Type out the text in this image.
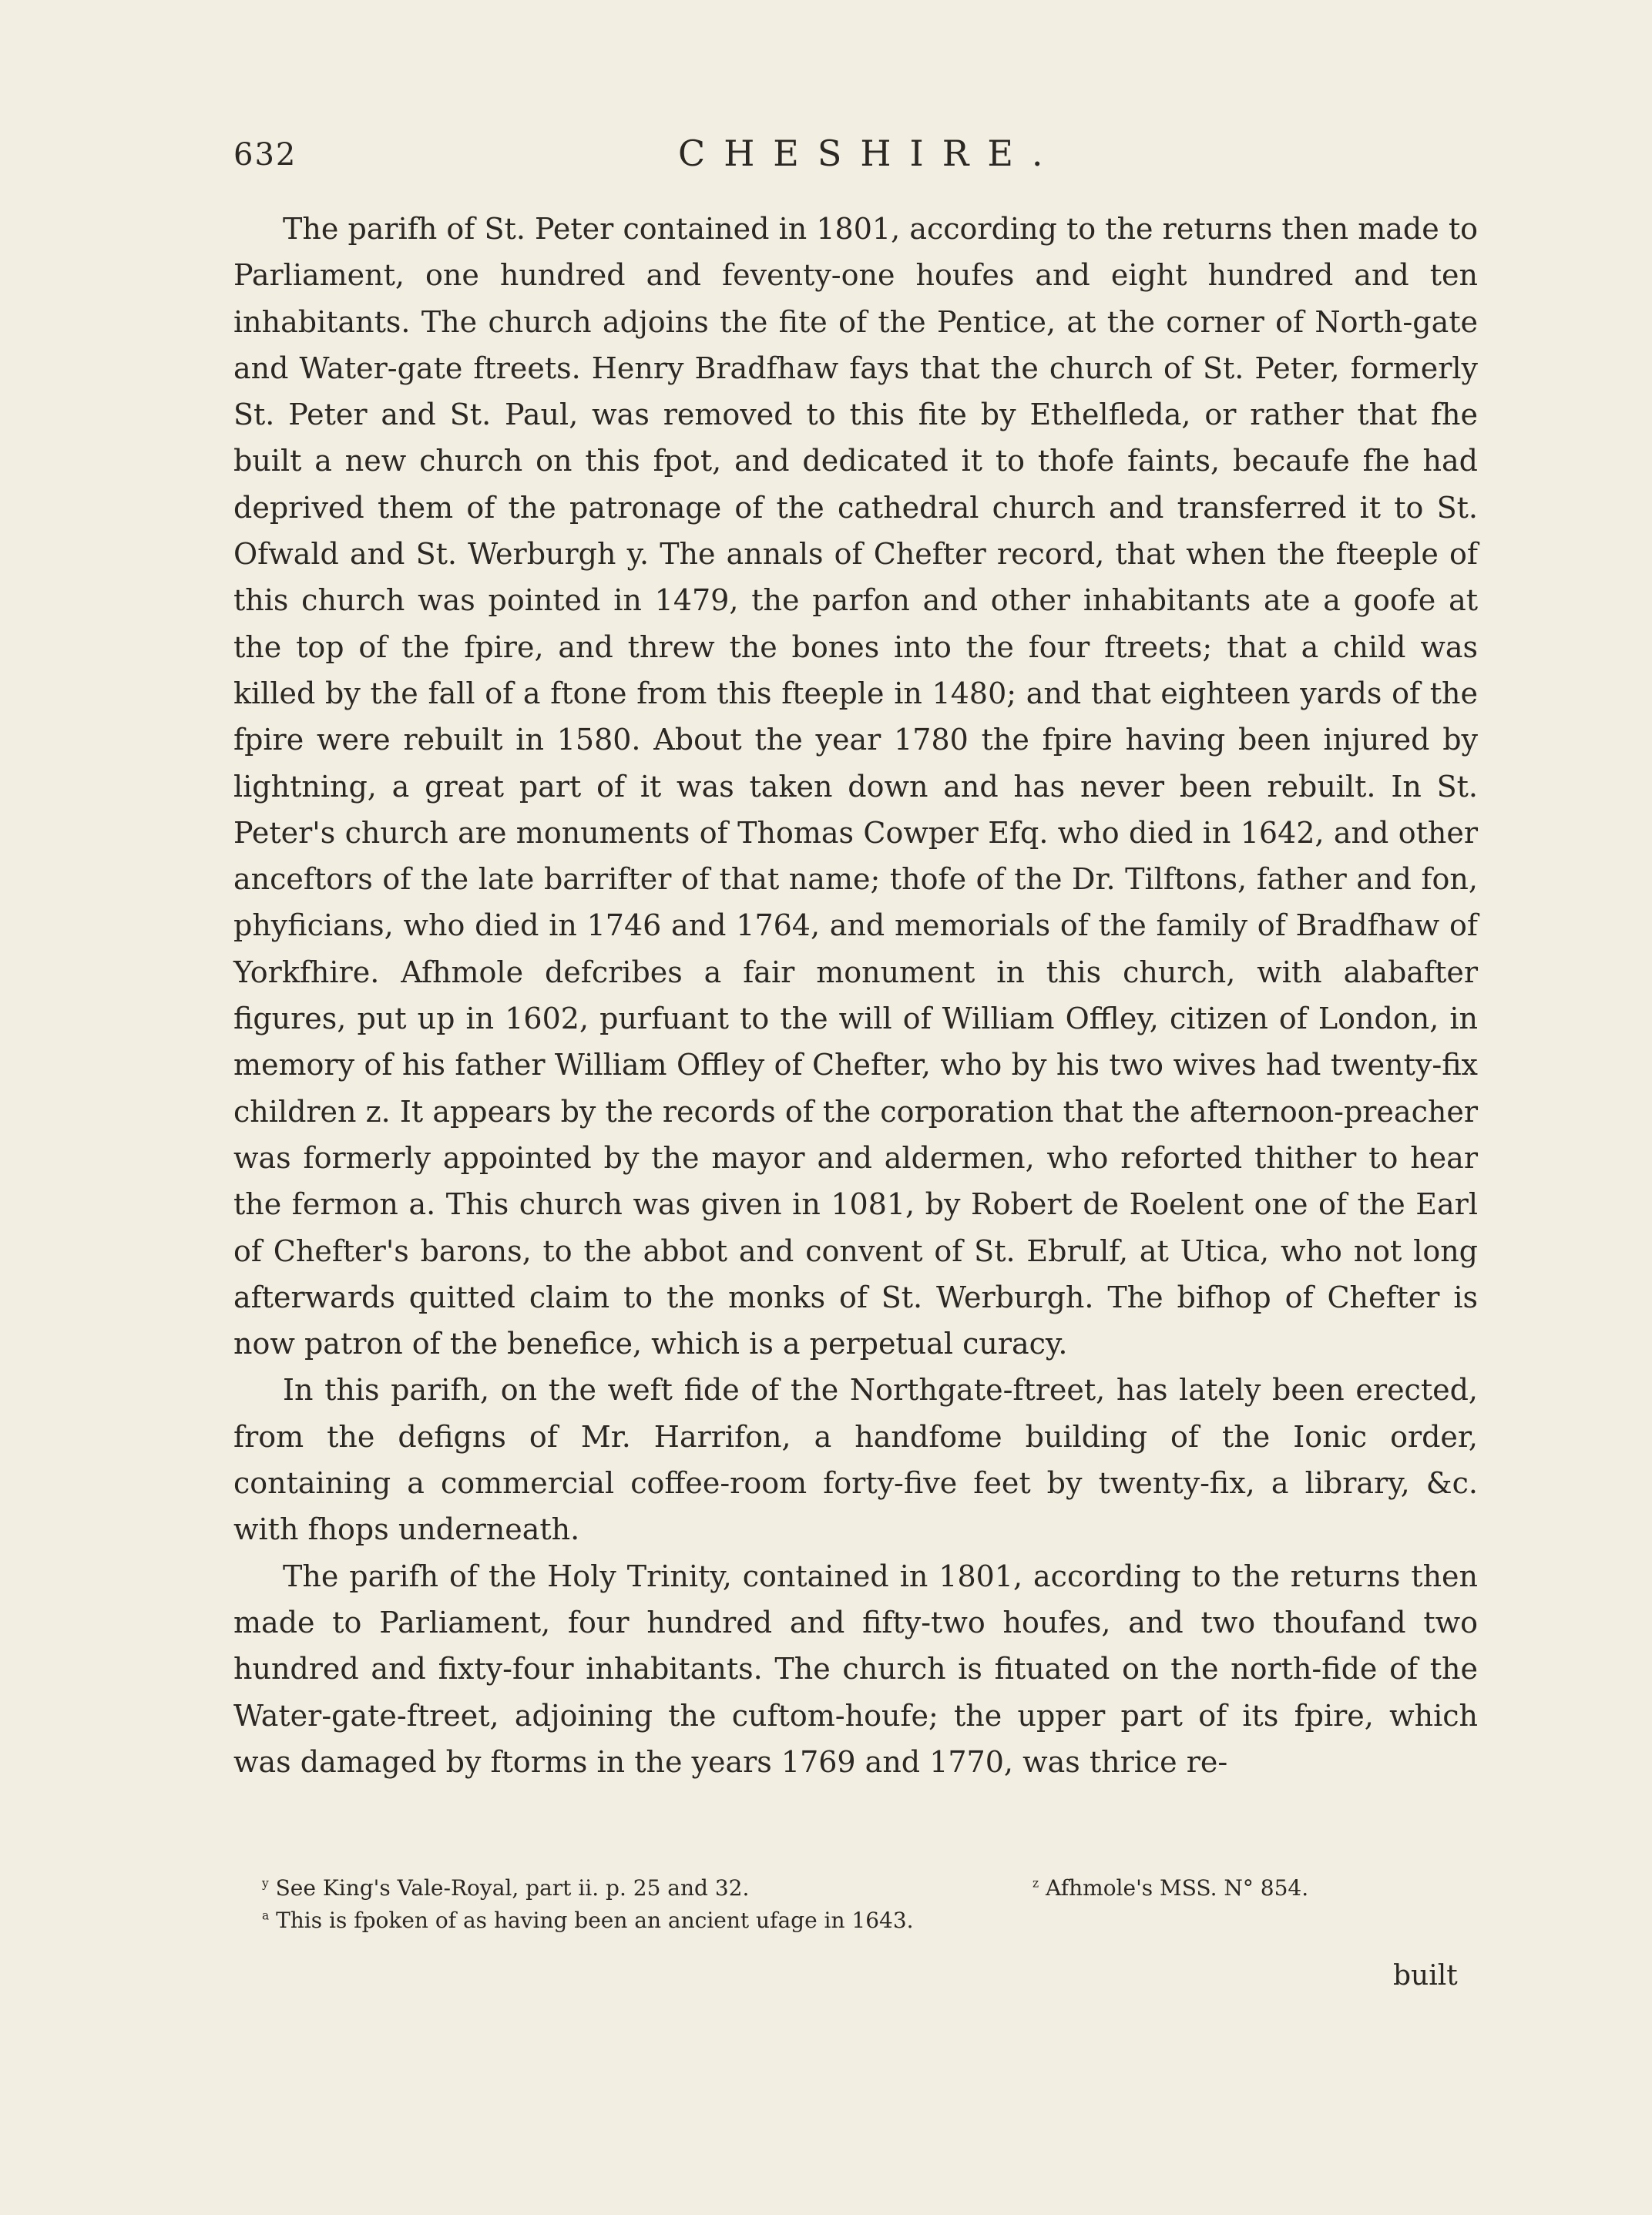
632	CHESHIRE.

The parifh of St. Peter contained in 1801, according to the returns then made to Parliament, one hundred and feventy-one houfes and eight hundred and ten inhabitants. The church adjoins the fite of the Pentice, at the corner of North-gate and Water-gate ftreets. Henry Bradfhaw fays that the church of St. Peter, formerly St. Peter and St. Paul, was removed to this fite by Ethelfleda, or rather that fhe built a new church on this fpot, and dedicated it to thofe faints, becaufe fhe had deprived them of the patronage of the cathedral church and transferred it to St. Ofwald and St. Werburgh y. The annals of Chefter record, that when the fteeple of this church was pointed in 1479, the parfon and other inhabitants ate a goofe at the top of the fpire, and threw the bones into the four ftreets; that a child was killed by the fall of a ftone from this fteeple in 1480; and that eighteen yards of the fpire were rebuilt in 1580. About the year 1780 the fpire having been injured by lightning, a great part of it was taken down and has never been rebuilt. In St. Peter's church are monuments of Thomas Cowper Efq. who died in 1642, and other anceftors of the late barrifter of that name; thofe of the Dr. Tilftons, father and fon, phyficians, who died in 1746 and 1764, and memorials of the family of Bradfhaw of Yorkfhire. Afhmole defcribes a fair monument in this church, with alabafter figures, put up in 1602, purfuant to the will of William Offley, citizen of London, in memory of his father William Offley of Chefter, who by his two wives had twenty-fix children z. It appears by the records of the corporation that the afternoon-preacher was formerly appointed by the mayor and aldermen, who reforted thither to hear the fermon a. This church was given in 1081, by Robert de Roelent one of the Earl of Chefter's barons, to the abbot and convent of St. Ebrulf, at Utica, who not long afterwards quitted claim to the monks of St. Werburgh. The bifhop of Chefter is now patron of the benefice, which is a perpetual curacy.

In this parifh, on the weft fide of the Northgate-ftreet, has lately been erected, from the defigns of Mr. Harrifon, a handfome building of the Ionic order, containing a commercial coffee-room forty-five feet by twenty-fix, a library, &c. with fhops underneath.

The parifh of the Holy Trinity, contained in 1801, according to the returns then made to Parliament, four hundred and fifty-two houfes, and two thoufand two hundred and fixty-four inhabitants. The church is fituated on the north-fide of the Water-gate-ftreet, adjoining the cuftom-houfe; the upper part of its fpire, which was damaged by ftorms in the years 1769 and 1770, was thrice re-

$^y$ See King's Vale-Royal, part ii. p. 25 and 32.	$^z$ Afhmole's MSS. N° 854.
$^a$ This is fpoken of as having been an ancient ufage in 1643.
built
